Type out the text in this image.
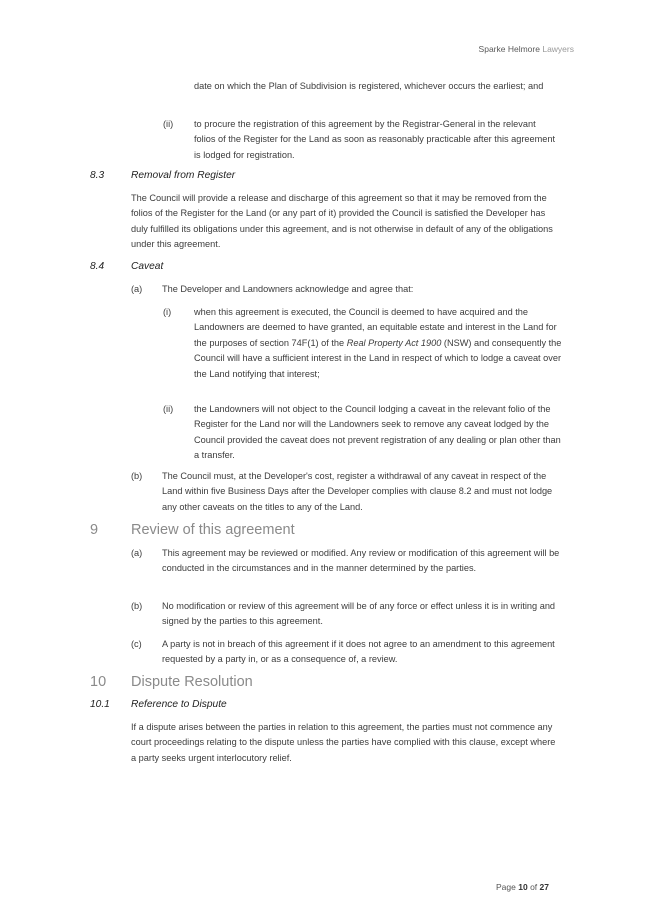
Sparke Helmore Lawyers

date on which the Plan of Subdivision is registered, whichever occurs the earliest; and

(ii) to procure the registration of this agreement by the Registrar-General in the relevant folios of the Register for the Land as soon as reasonably practicable after this agreement is lodged for registration.

8.3	Removal from Register

The Council will provide a release and discharge of this agreement so that it may be removed from the folios of the Register for the Land (or any part of it) provided the Council is satisfied the Developer has duly fulfilled its obligations under this agreement, and is not otherwise in default of any of the obligations under this agreement.

8.4	Caveat
(a) The Developer and Landowners acknowledge and agree that:

(i) when this agreement is executed, the Council is deemed to have acquired and the Landowners are deemed to have granted, an equitable estate and interest in the Land for the purposes of section 74F(1) of the Real Property Act 1900 (NSW) and consequently the Council will have a sufficient interest in the Land in respect of which to lodge a caveat over the Land notifying that interest;

(ii) the Landowners will not object to the Council lodging a caveat in the relevant folio of the Register for the Land nor will the Landowners seek to remove any caveat lodged by the Council provided the caveat does not prevent registration of any dealing or plan other than a transfer.

(b) The Council must, at the Developer's cost, register a withdrawal of any caveat in respect of the Land within five Business Days after the Developer complies with clause 8.2 and must not lodge any other caveats on the titles to any of the Land.

9 Review of this agreement
(a) This agreement may be reviewed or modified. Any review or modification of this agreement will be conducted in the circumstances and in the manner determined by the parties.

(b) No modification or review of this agreement will be of any force or effect unless it is in writing and signed by the parties to this agreement.

(c) A party is not in breach of this agreement if it does not agree to an amendment to this agreement requested by a party in, or as a consequence of, a review.

10 Dispute Resolution
10.1 Reference to Dispute

If a dispute arises between the parties in relation to this agreement, the parties must not commence any court proceedings relating to the dispute unless the parties have complied with this clause, except where a party seeks urgent interlocutory relief.

Page 10 of 27
